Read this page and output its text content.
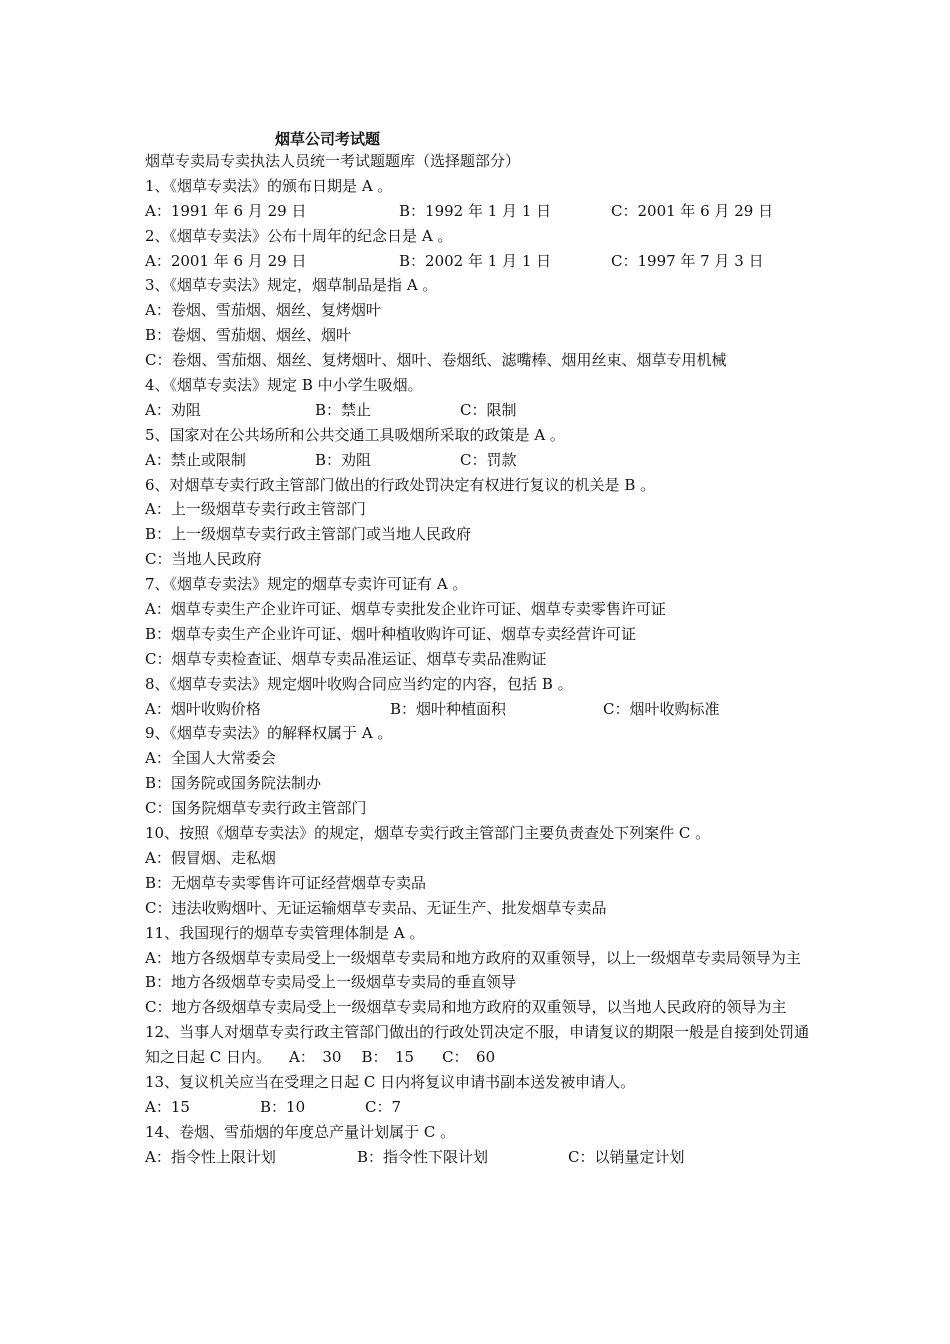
烟草公司考试题
烟草专卖局专卖执法人员统一考试题题库（选择题部分）
1、《烟草专卖法》的颁布日期是 A 。
A：1991 年 6 月 29 日	B：1992 年 1 月 1 日	C：2001 年 6 月 29 日
2、《烟草专卖法》公布十周年的纪念日是 A 。
A：2001 年 6 月 29 日	B：2002 年 1 月 1 日	C：1997 年 7 月 3 日
3、《烟草专卖法》规定，烟草制品是指 A 。
A：卷烟、雪茄烟、烟丝、复烤烟叶
B：卷烟、雪茄烟、烟丝、烟叶
C：卷烟、雪茄烟、烟丝、复烤烟叶、烟叶、卷烟纸、滤嘴棒、烟用丝束、烟草专用机械
4、《烟草专卖法》规定 B 中小学生吸烟。
A：劝阻	B：禁止	C：限制
5、国家对在公共场所和公共交通工具吸烟所采取的政策是 A 。
A：禁止或限制	B：劝阻	C：罚款
6、对烟草专卖行政主管部门做出的行政处罚决定有权进行复议的机关是 B 。
A：上一级烟草专卖行政主管部门
B：上一级烟草专卖行政主管部门或当地人民政府
C：当地人民政府
7、《烟草专卖法》规定的烟草专卖许可证有 A 。
A：烟草专卖生产企业许可证、烟草专卖批发企业许可证、烟草专卖零售许可证
B：烟草专卖生产企业许可证、烟叶种植收购许可证、烟草专卖经营许可证
C：烟草专卖检查证、烟草专卖品准运证、烟草专卖品准购证
8、《烟草专卖法》规定烟叶收购合同应当约定的内容，包括 B 。
A：烟叶收购价格	B：烟叶种植面积	C：烟叶收购标准
9、《烟草专卖法》的解释权属于 A 。
A：全国人大常委会
B：国务院或国务院法制办
C：国务院烟草专卖行政主管部门
10、按照《烟草专卖法》的规定，烟草专卖行政主管部门主要负责查处下列案件 C 。
A：假冒烟、走私烟
B：无烟草专卖零售许可证经营烟草专卖品
C：违法收购烟叶、无证运输烟草专卖品、无证生产、批发烟草专卖品
11、我国现行的烟草专卖管理体制是 A 。
A：地方各级烟草专卖局受上一级烟草专卖局和地方政府的双重领导，以上一级烟草专卖局领导为主
B：地方各级烟草专卖局受上一级烟草专卖局的垂直领导
C：地方各级烟草专卖局受上一级烟草专卖局和地方政府的双重领导，以当地人民政府的领导为主
12、当事人对烟草专卖行政主管部门做出的行政处罚决定不服，申请复议的期限一般是自接到处罚通知之日起 C 日内。 A：　30 B：　15 C：　60
13、复议机关应当在受理之日起 C 日内将复议申请书副本送发被申请人。
A：15	B：10	C：7
14、卷烟、雪茄烟的年度总产量计划属于 C 。
A：指令性上限计划	B：指令性下限计划	C：以销量定计划
